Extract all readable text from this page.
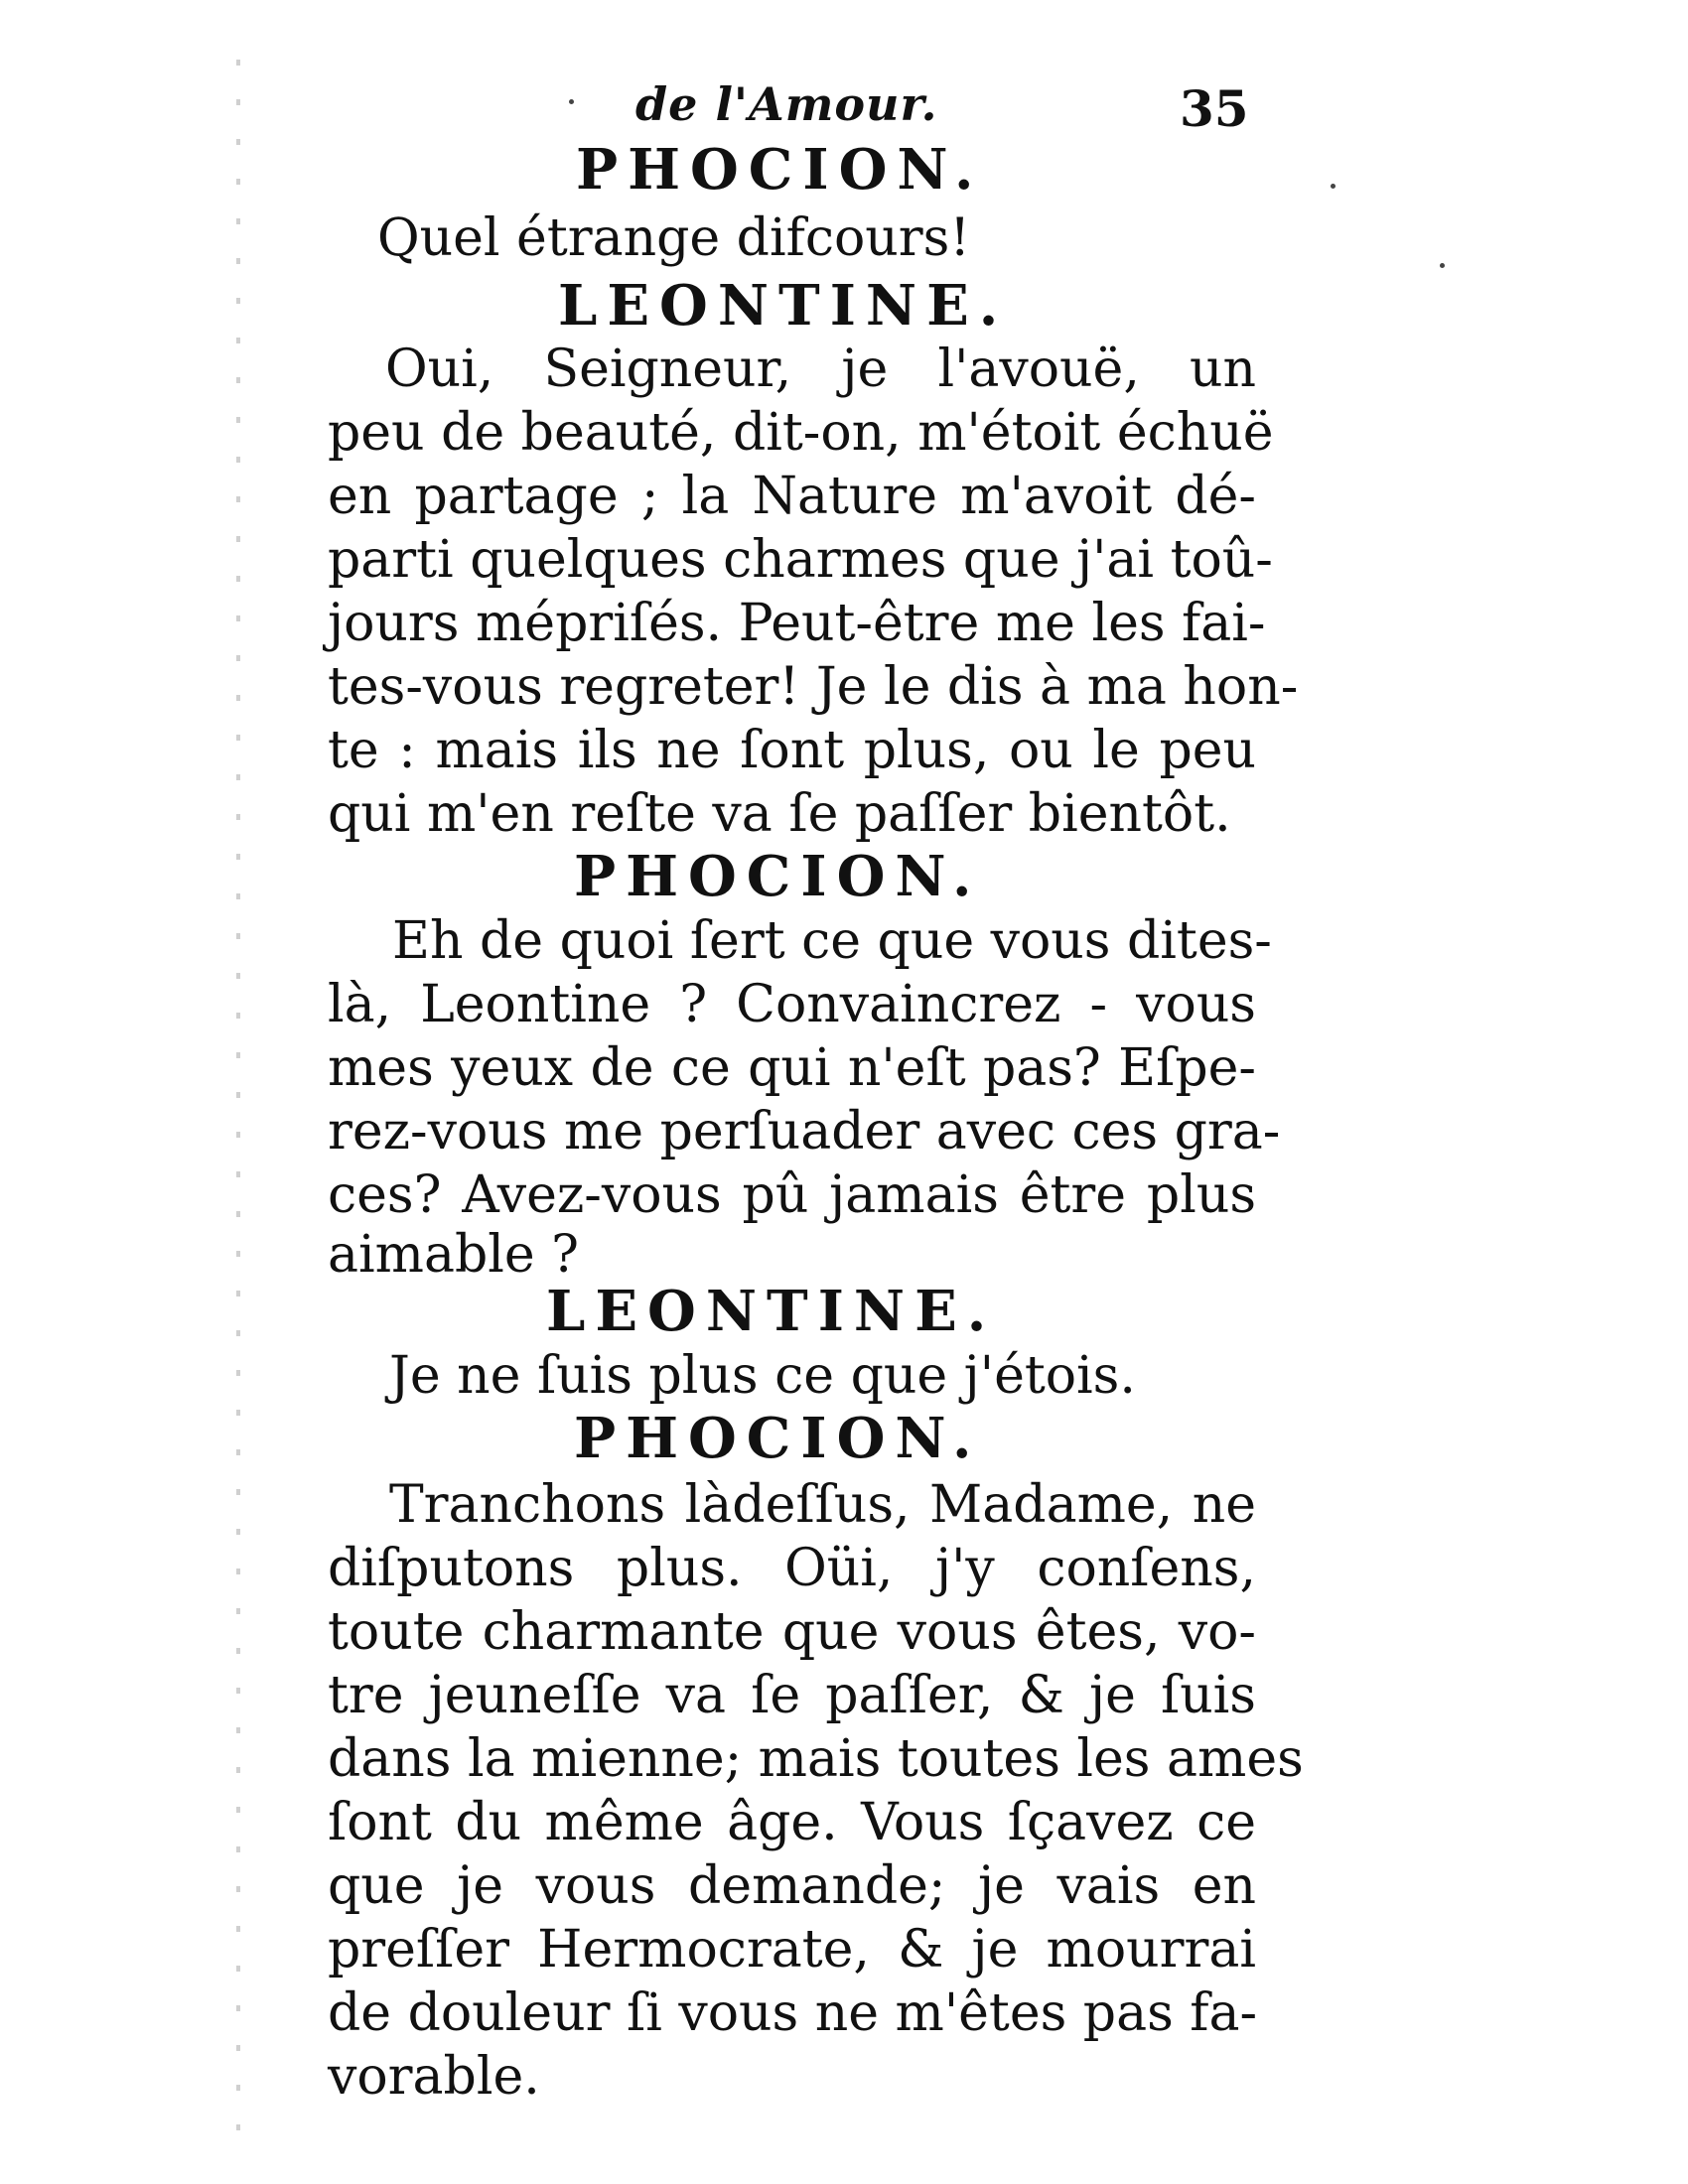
de l'Amour.	35
PHOCION.
Quel étrange difcours!
LEONTINE.
Oui, Seigneur, je l'avouë, un
peu de beauté, dit-on, m'étoit échuë
en partage ; la Nature m'avoit dé-
parti quelques charmes que j'ai toû-
jours mépriſés. Peut-être me les fai-
tes-vous regreter! Je le dis à ma hon-
te : mais ils ne ſont plus, ou le peu
qui m'en reſte va ſe paſſer bientôt.
PHOCION.
Eh de quoi ſert ce que vous dites-
là, Leontine ? Convaincrez - vous
mes yeux de ce qui n'eſt pas? Eſpe-
rez-vous me perſuader avec ces gra-
ces? Avez-vous pû jamais être plus
aimable ?
LEONTINE.
Je ne ſuis plus ce que j'étois.
PHOCION.
Tranchons làdeſſus, Madame, ne
diſputons plus. Oüi, j'y conſens,
toute charmante que vous êtes, vo-
tre jeuneſſe va ſe paſſer, & je ſuis
dans la mienne; mais toutes les ames
ſont du même âge. Vous ſçavez ce
que je vous demande; je vais en
preſſer Hermocrate, & je mourrai
de douleur ſi vous ne m'êtes pas fa-
vorable.
